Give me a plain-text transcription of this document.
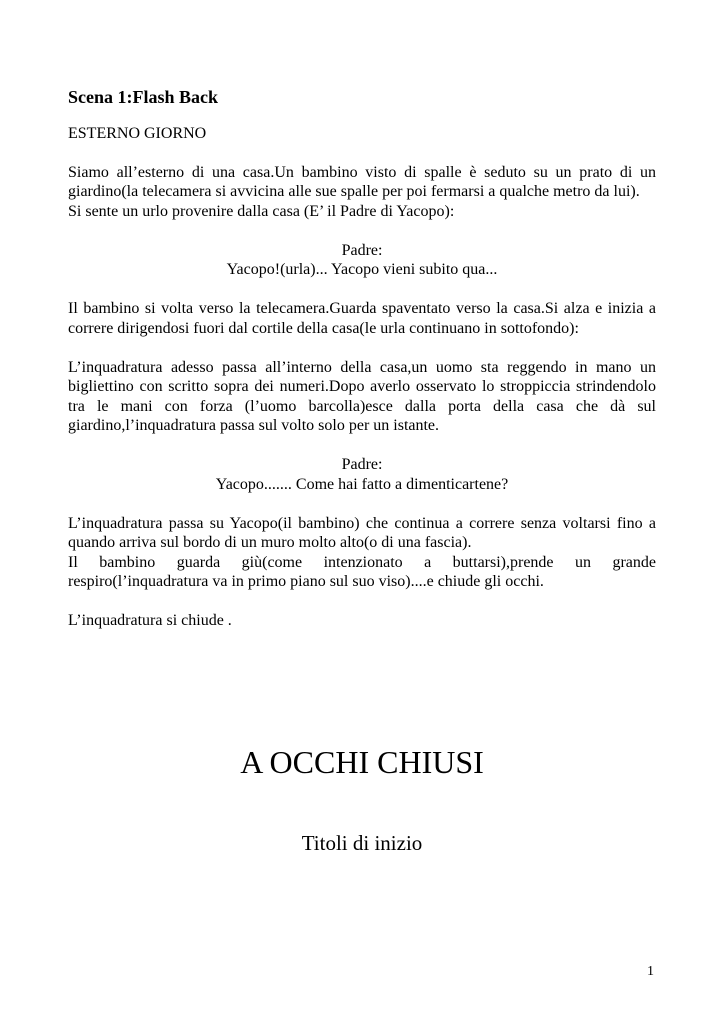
Scena 1:Flash Back

ESTERNO GIORNO

Siamo all’esterno di una casa.Un bambino visto di spalle è seduto su un prato di un giardino(la telecamera si avvicina alle sue spalle per poi fermarsi a qualche metro da lui).

Si sente un urlo provenire dalla casa (E’ il Padre di Yacopo):

Padre:

Yacopo!(urla)... Yacopo vieni subito qua...

Il bambino si volta verso la telecamera.Guarda spaventato verso la casa.Si alza e inizia a correre dirigendosi fuori dal cortile della casa(le urla continuano in sottofondo):

L’inquadratura adesso passa all’interno della casa,un uomo sta reggendo in mano un bigliettino con scritto sopra dei numeri.Dopo averlo osservato lo stroppiccia strindendolo tra le mani con forza (l’uomo barcolla)esce dalla porta della casa che dà sul giardino,l’inquadratura passa sul volto solo per un istante.

Padre:

Yacopo....... Come hai fatto a dimenticartene?

L’inquadratura passa su Yacopo(il bambino) che continua a correre senza voltarsi fino a quando arriva sul bordo di un muro molto alto(o di una fascia).

Il bambino guarda giù(come intenzionato a buttarsi),prende un grande respiro(l’inquadratura va in primo piano sul suo viso)....e chiude gli occhi.

L’inquadratura si chiude .

A OCCHI CHIUSI
Titoli di inizio
1
